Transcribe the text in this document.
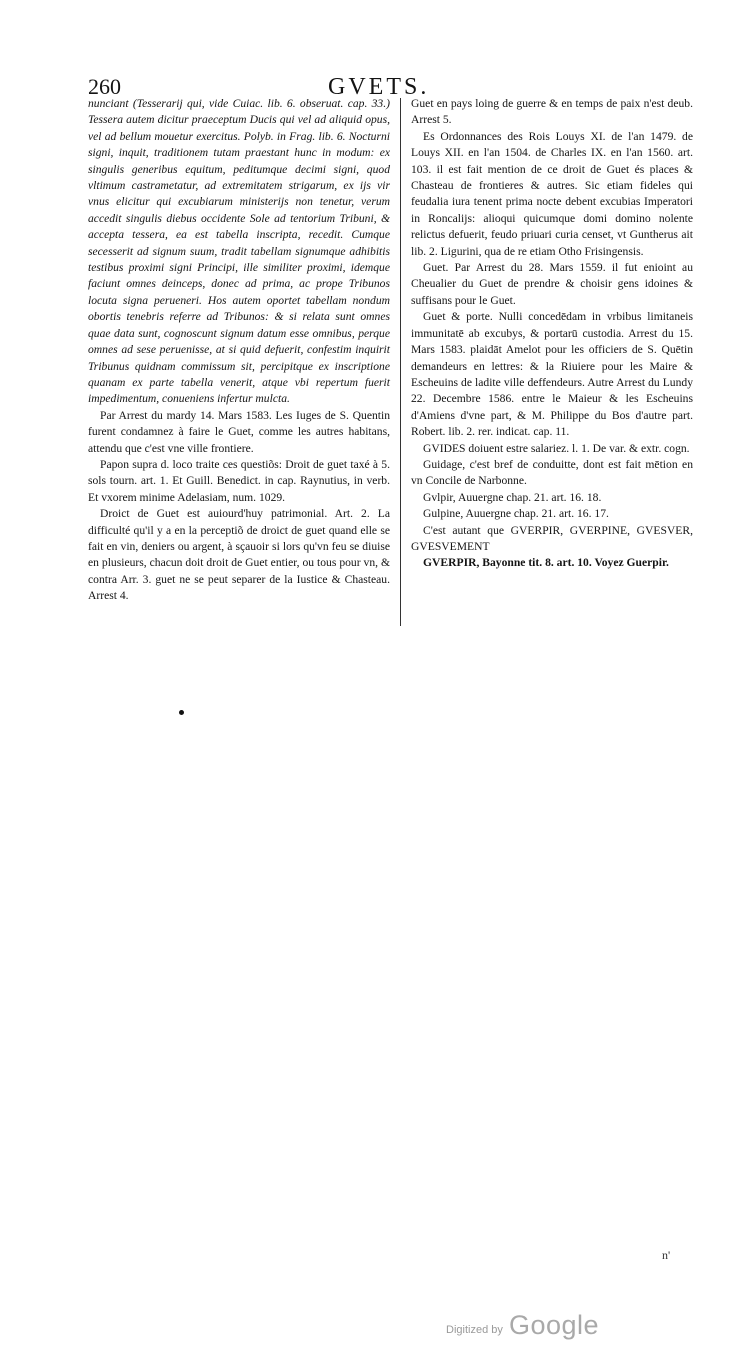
260	GVETS.

nunciant (Tesserarij qui, vide Cuiac. lib. 6. obseruat. cap. 33.) Tessera autem dicitur praeceptum Ducis qui vel ad aliquid opus, vel ad bellum mouetur exercitus. Polyb. in Frag. lib. 6. Nocturni signi, inquit, traditionem tutam praestant hunc in modum: ex singulis generibus equitum, peditumque decimi signi, quod vltimum castrametatur, ad extremitatem strigarum, ex ijs vir vnus elicitur qui excubiarum ministerijs non tenetur, verum accedit singulis diebus occidente Sole ad tentorium Tribuni, & accepta tessera, ea est tabella inscripta, recedit. Cumque secesserit ad signum suum, tradit tabellam signumque adhibitis testibus proximi signi Principi, ille similiter proximi, idemque faciunt omnes deinceps, donec ad prima, ac prope Tribunos locuta signa perueneri. Hos autem oportet tabellam nondum obortis tenebris referre ad Tribunos: & si relata sunt omnes quae data sunt, cognoscunt signum datum esse omnibus, perque omnes ad sese peruenisse, at si quid defuerit, confestim inquirit Tribunus quidnam commissum sit, percipitque ex inscriptione quanam ex parte tabella venerit, atque vbi repertum fuerit impedimentum, conueniens infertur mulcta.

Par Arrest du mardy 14. Mars 1583. Les Iuges de S. Quentin furent condamnez à faire le Guet, comme les autres habitans, attendu que c'est vne ville frontiere.

Papon supra d. loco traite ces questiõs: Droit de guet taxé à 5. sols tourn. art. 1. Et Guill. Benedict. in cap. Raynutius, in verb. Et vxorem minime Adelasiam, num. 1029.

Droict de Guet est auiourd'huy patrimonial. Art. 2. La difficulté qu'il y a en la perceptiõ de droict de guet quand elle se fait en vin, deniers ou argent, à sçauoir si lors qu'vn feu se diuise en plusieurs, chacun doit droit de Guet entier, ou tous pour vn, & contra Arr. 3. guet ne se peut separer de la Iustice & Chasteau. Arrest 4.

Guet en pays loing de guerre & en temps de paix n'est deub. Arrest 5.

Es Ordonnances des Rois Louys XI. de l'an 1479. de Louys XII. en l'an 1504. de Charles IX. en l'an 1560. art. 103. il est fait mention de ce droit de Guet és places & Chasteau de frontieres & autres. Sic etiam fideles qui feudalia iura tenent prima nocte debent excubias Imperatori in Roncalijs: alioqui quicumque domi domino nolente relictus defuerit, feudo priuari curia censet, vt Guntherus ait lib. 2. Ligurini, qua de re etiam Otho Frisingensis.

Guet. Par Arrest du 28. Mars 1559. il fut enioint au Cheualier du Guet de prendre & choisir gens idoines & suffisans pour le Guet.

Guet & porte. Nulli concedēdam in vrbibus limitaneis immunitatē ab excubys, & portarū custodia. Arrest du 15. Mars 1583. plaidāt Amelot pour les officiers de S. Quētin demandeurs en lettres: & la Riuiere pour les Maire & Escheuins de ladite ville deffendeurs. Autre Arrest du Lundy 22. Decembre 1586. entre le Maieur & les Escheuins d'Amiens d'vne part, & M. Philippe du Bos d'autre part. Robert. lib. 2. rer. indicat. cap. 11.

GVIDES doiuent estre salariez. l. 1. De var. & extr. cogn.

Guidage, c'est bref de conduitte, dont est fait mētion en vn Concile de Narbonne.

Gvlpir, Auuergne chap. 21. art. 16. 18.

Gulpine, Auuergne chap. 21. art. 16. 17.

C'est autant que GVERPIR, GVERPINE, GVESVER, GVESVEMENT

GVERPIR, Bayonne tit. 8. art. 10. Voyez Guerpir.

n'
Digitized by Google
